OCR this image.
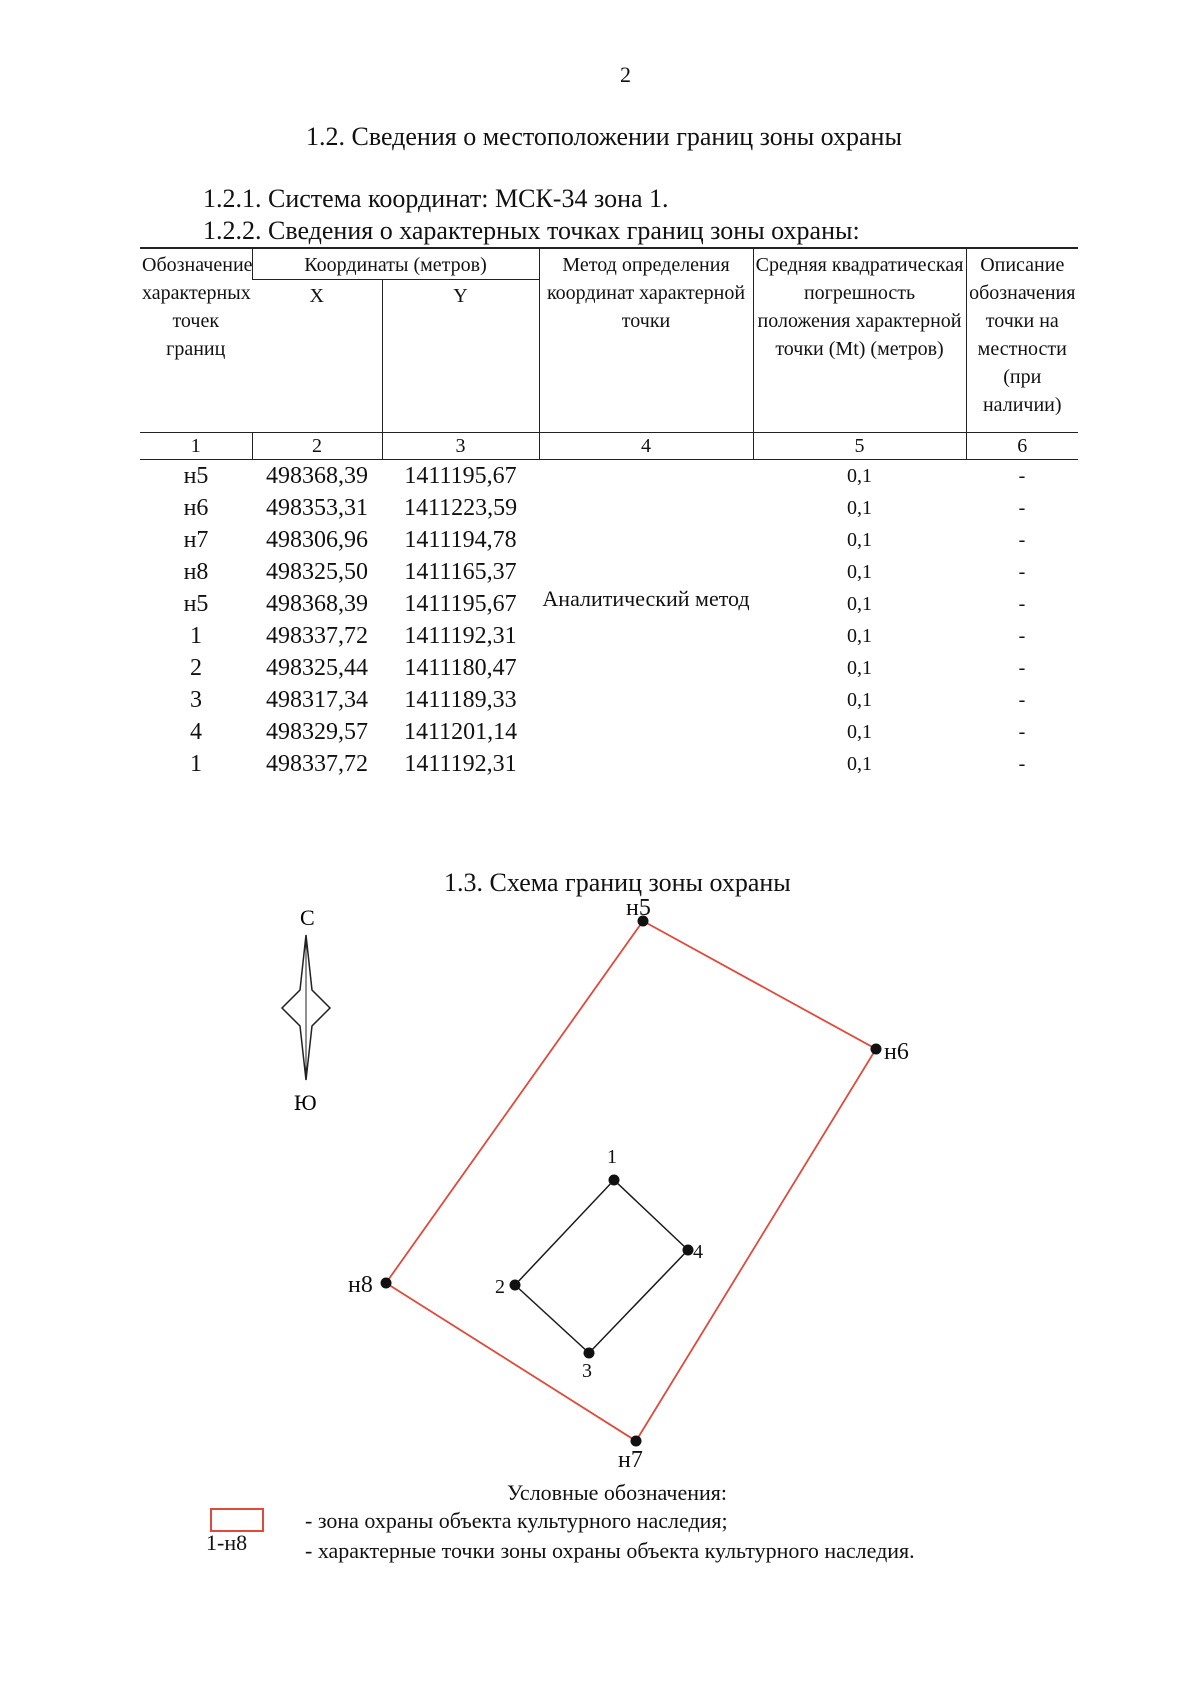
2
1.2. Сведения о местоположении границ зоны охраны
1.2.1. Система координат: МСК-34 зона 1.
1.2.2. Сведения о характерных точках границ зоны охраны:
Обозначение характерных точек границ	Координаты (метров)		Метод определения координат характерной точки	Средняя квадратическая погрешность положения характерной точки (Mt) (метров)	Описание обозначения точки на местности (при наличии)
	X	Y			
1	2	3	4	5	6
н5	498368,39	1411195,67	Аналитический метод	0,1	-
н6	498353,31	1411223,59		0,1	-
н7	498306,96	1411194,78		0,1	-
н8	498325,50	1411165,37		0,1	-
н5	498368,39	1411195,67		0,1	-
1	498337,72	1411192,31		0,1	-
2	498325,44	1411180,47		0,1	-
3	498317,34	1411189,33		0,1	-
4	498329,57	1411201,14		0,1	-
1	498337,72	1411192,31		0,1	-
1.3. Схема границ зоны охраны
С
Ю
н5
н6
н7
н8
1
2
3
4
Условные обозначения:
1-н8
- зона охраны объекта культурного наследия;
- характерные точки зоны охраны объекта культурного наследия.
